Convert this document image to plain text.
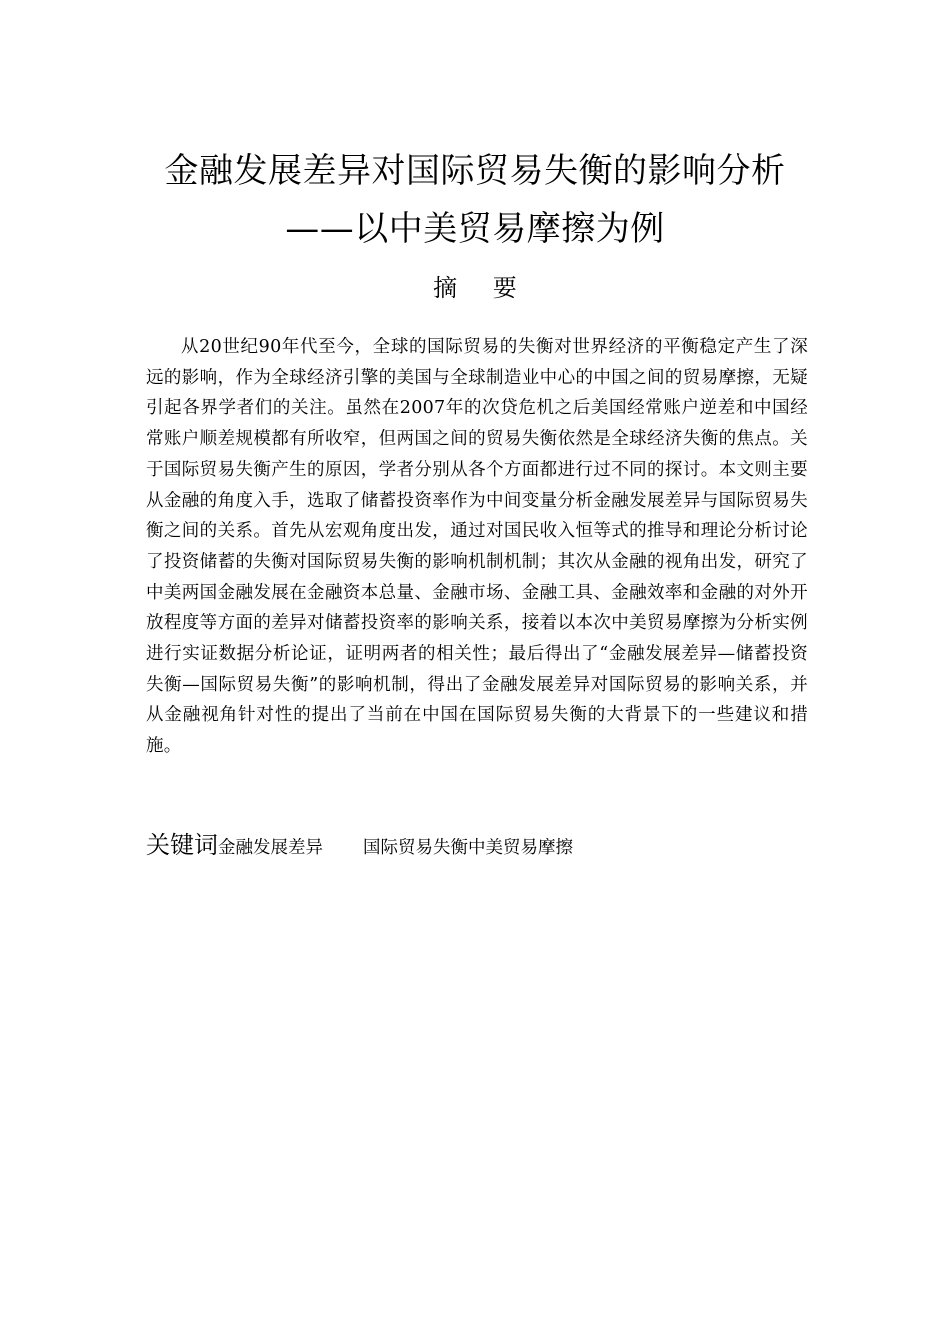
金融发展差异对国际贸易失衡的影响分析
——以中美贸易摩擦为例
摘 要

从20世纪90年代至今，全球的国际贸易的失衡对世界经济的平衡稳定产生了深远的影响，作为全球经济引擎的美国与全球制造业中心的中国之间的贸易摩擦，无疑引起各界学者们的关注。虽然在2007年的次贷危机之后美国经常账户逆差和中国经常账户顺差规模都有所收窄，但两国之间的贸易失衡依然是全球经济失衡的焦点。关于国际贸易失衡产生的原因，学者分别从各个方面都进行过不同的探讨。本文则主要从金融的角度入手，选取了储蓄投资率作为中间变量分析金融发展差异与国际贸易失衡之间的关系。首先从宏观角度出发，通过对国民收入恒等式的推导和理论分析讨论了投资储蓄的失衡对国际贸易失衡的影响机制机制；其次从金融的视角出发，研究了中美两国金融发展在金融资本总量、金融市场、金融工具、金融效率和金融的对外开放程度等方面的差异对储蓄投资率的影响关系，接着以本次中美贸易摩擦为分析实例进行实证数据分析论证，证明两者的相关性；最后得出了“金融发展差异—储蓄投资失衡—国际贸易失衡”的影响机制，得出了金融发展差异对国际贸易的影响关系，并从金融视角针对性的提出了当前在中国在国际贸易失衡的大背景下的一些建议和措施。

关键词金融发展差异 国际贸易失衡中美贸易摩擦
